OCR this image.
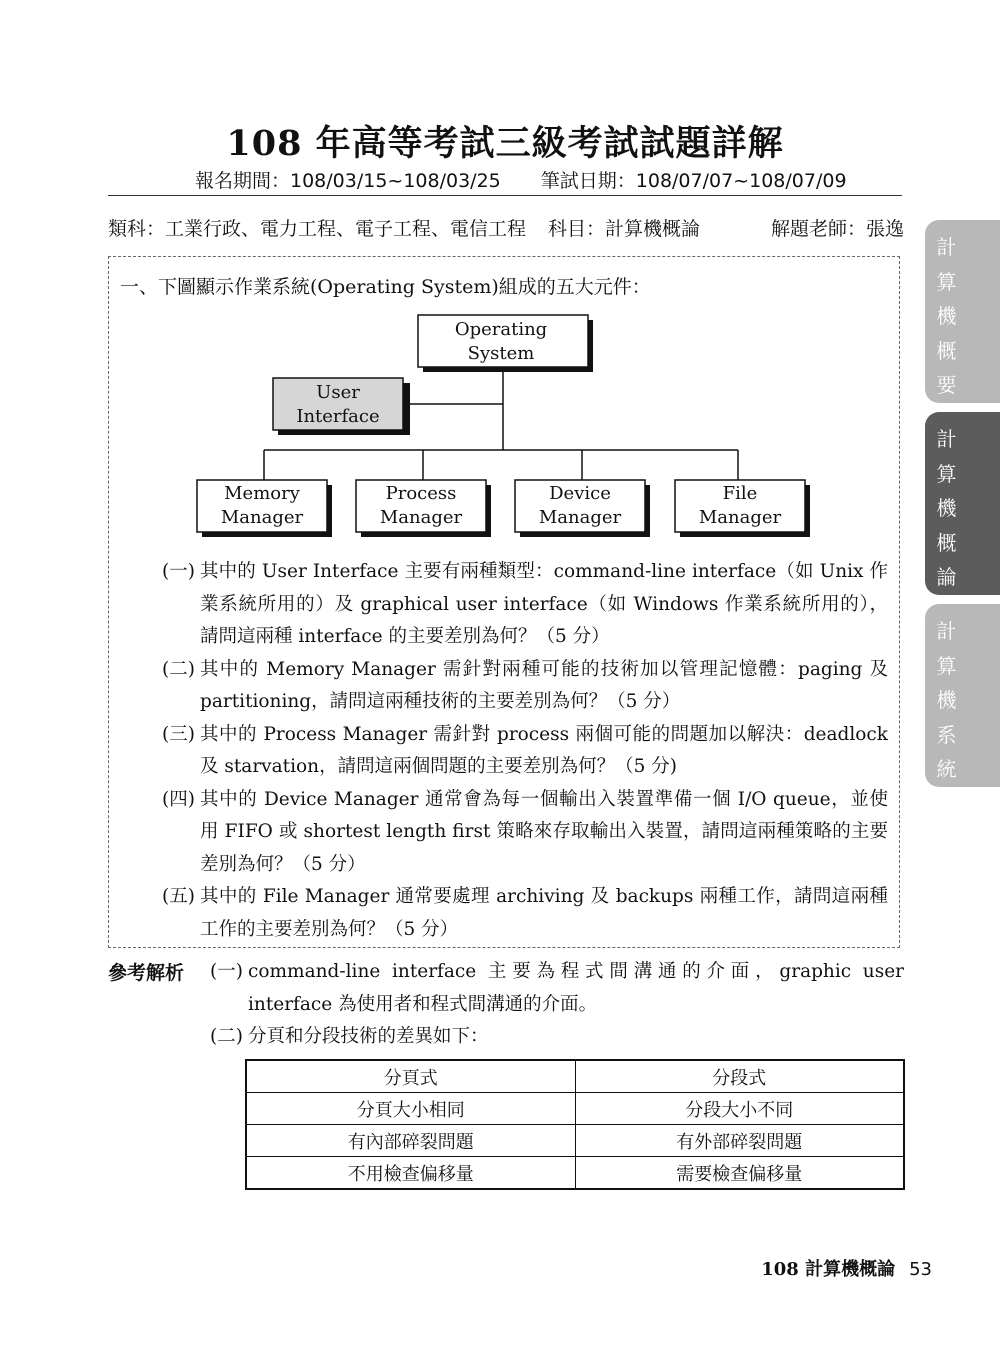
108 年高等考試三級考試試題詳解
報名期間：108/03/15~108/03/25 筆試日期：108/07/07~108/07/09
類科：工業行政、電力工程、電子工程、電信工程 科目：計算機概論	解題老師：張逸
一、下圖顯示作業系統(Operating System)組成的五大元件：
Operating
System
User
Interface
Memory
Manager
Process
Manager
Device
Manager
File
Manager
(一) 其中的 User Interface 主要有兩種類型：command-line interface（如 Unix 作業系統所用的）及 graphical user interface（如 Windows 作業系統所用的），請問這兩種 interface 的主要差別為何？（5 分）
(二) 其中的 Memory Manager 需針對兩種可能的技術加以管理記憶體：paging 及 partitioning，請問這兩種技術的主要差別為何？（5 分）
(三) 其中的 Process Manager 需針對 process 兩個可能的問題加以解決：deadlock 及 starvation，請問這兩個問題的主要差別為何？（5 分)
(四) 其中的 Device Manager 通常會為每一個輸出入裝置準備一個 I/O queue，並使用 FIFO 或 shortest length first 策略來存取輸出入裝置，請問這兩種策略的主要差別為何？（5 分）
(五) 其中的 File Manager 通常要處理 archiving 及 backups 兩種工作，請問這兩種工作的主要差別為何？（5 分）
參考解析 (一) command-line interface 主要為程式間溝通的介面，graphic user interface 為使用者和程式間溝通的介面。
(二) 分頁和分段技術的差異如下：
分頁式	分段式
分頁大小相同	分段大小不同
有內部碎裂問題	有外部碎裂問題
不用檢查偏移量	需要檢查偏移量
計
算
機
概
要
計
算
機
概
論
計
算
機
系
統
108 計算機概論 53
